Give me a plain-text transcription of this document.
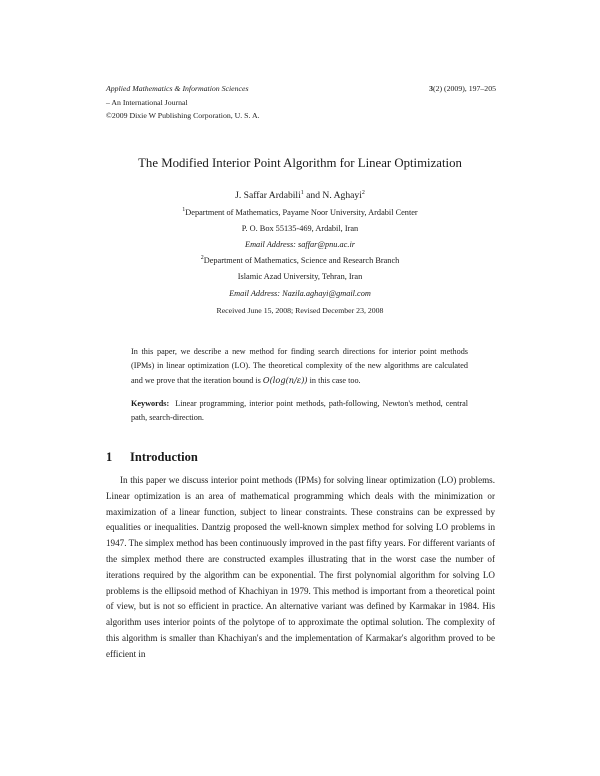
Applied Mathematics & Information Sciences	3(2) (2009), 197–205
– An International Journal
©2009 Dixie W Publishing Corporation, U. S. A.
The Modified Interior Point Algorithm for Linear Optimization
J. Saffar Ardabili$^1$ and N. Aghayi$^2$
$^1$Department of Mathematics, Payame Noor University, Ardabil Center
P. O. Box 55135-469, Ardabil, Iran
Email Address: saffar@pnu.ac.ir
$^2$Department of Mathematics, Science and Research Branch
Islamic Azad University, Tehran, Iran
Email Address: Nazila.aghayi@gmail.com
Received June 15, 2008; Revised December 23, 2008
In this paper, we describe a new method for finding search directions for interior point methods (IPMs) in linear optimization (LO). The theoretical complexity of the new algorithms are calculated and we prove that the iteration bound is O(log(n/ε)) in this case too.
Keywords:  Linear programming, interior point methods, path-following, Newton's method, central path, search-direction.
1 Introduction
In this paper we discuss interior point methods (IPMs) for solving linear optimization (LO) problems. Linear optimization is an area of mathematical programming which deals with the minimization or maximization of a linear function, subject to linear constraints. These constrains can be expressed by equalities or inequalities. Dantzig proposed the well-known simplex method for solving LO problems in 1947. The simplex method has been continuously improved in the past fifty years. For different variants of the simplex method there are constructed examples illustrating that in the worst case the number of iterations required by the algorithm can be exponential. The first polynomial algorithm for solving LO problems is the ellipsoid method of Khachiyan in 1979. This method is important from a theoretical point of view, but is not so efficient in practice. An alternative variant was defined by Karmakar in 1984. His algorithm uses interior points of the polytope of to approximate the optimal solution. The complexity of this algorithm is smaller than Khachiyan's and the implementation of Karmakar's algorithm proved to be efficient in
